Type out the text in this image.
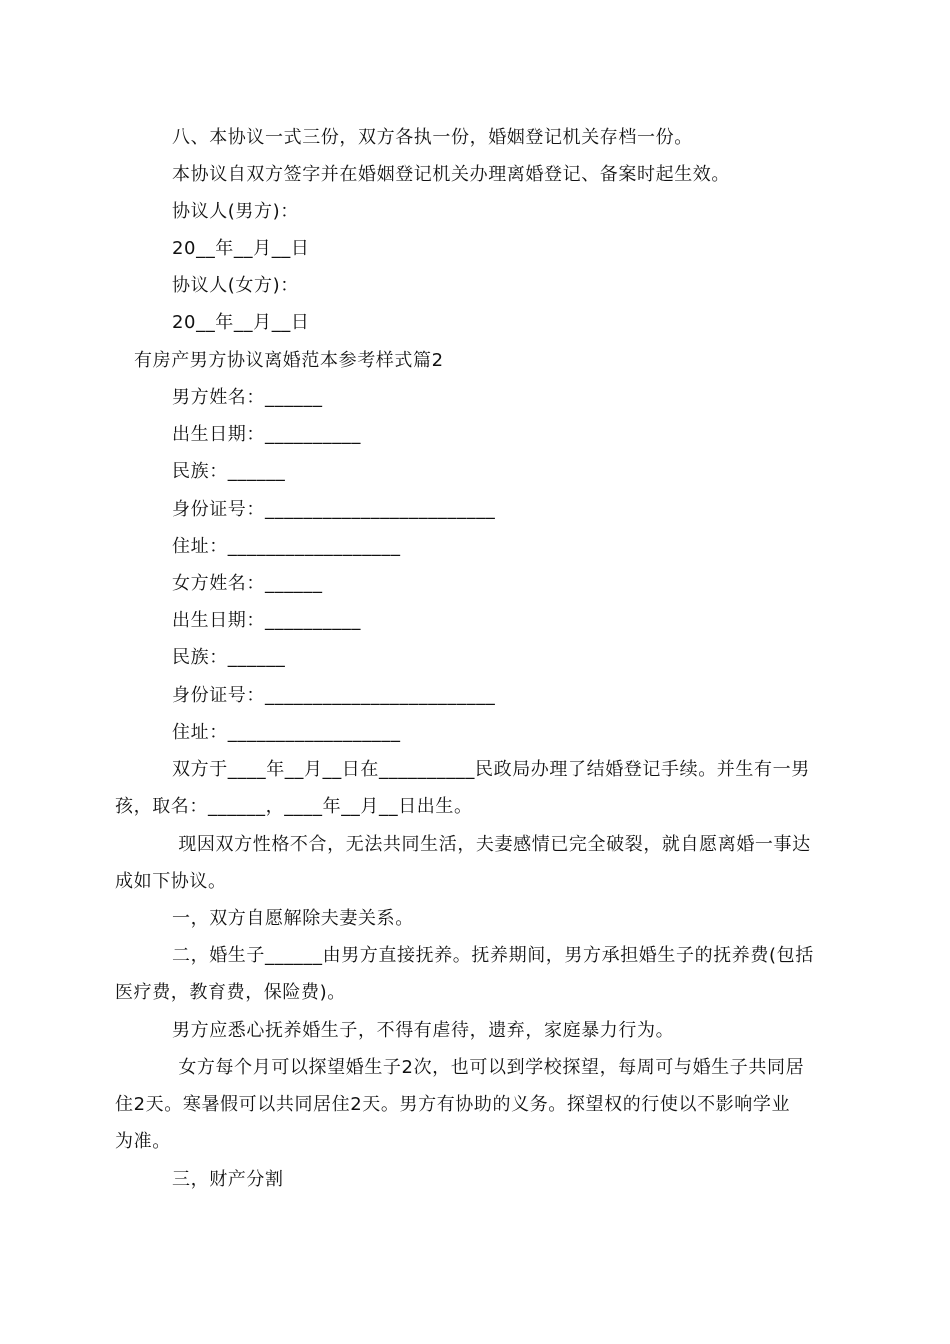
八、本协议一式三份，双方各执一份，婚姻登记机关存档一份。
本协议自双方签字并在婚姻登记机关办理离婚登记、备案时起生效。
协议人(男方)：
20__年__月__日
协议人(女方)：
20__年__月__日
有房产男方协议离婚范本参考样式篇2
男方姓名：______
出生日期：__________
民族：______
身份证号：________________________
住址：__________________
女方姓名：______
出生日期：__________
民族：______
身份证号：________________________
住址：__________________
双方于____年__月__日在__________民政局办理了结婚登记手续。并生有一男
孩，取名：______，____年__月__日出生。
现因双方性格不合，无法共同生活，夫妻感情已完全破裂，就自愿离婚一事达
成如下协议。
一，双方自愿解除夫妻关系。
二，婚生子______由男方直接抚养。抚养期间，男方承担婚生子的抚养费(包括
医疗费，教育费，保险费)。
男方应悉心抚养婚生子，不得有虐待，遗弃，家庭暴力行为。
女方每个月可以探望婚生子2次，也可以到学校探望，每周可与婚生子共同居
住2天。寒暑假可以共同居住2天。男方有协助的义务。探望权的行使以不影响学业
为准。
三，财产分割
